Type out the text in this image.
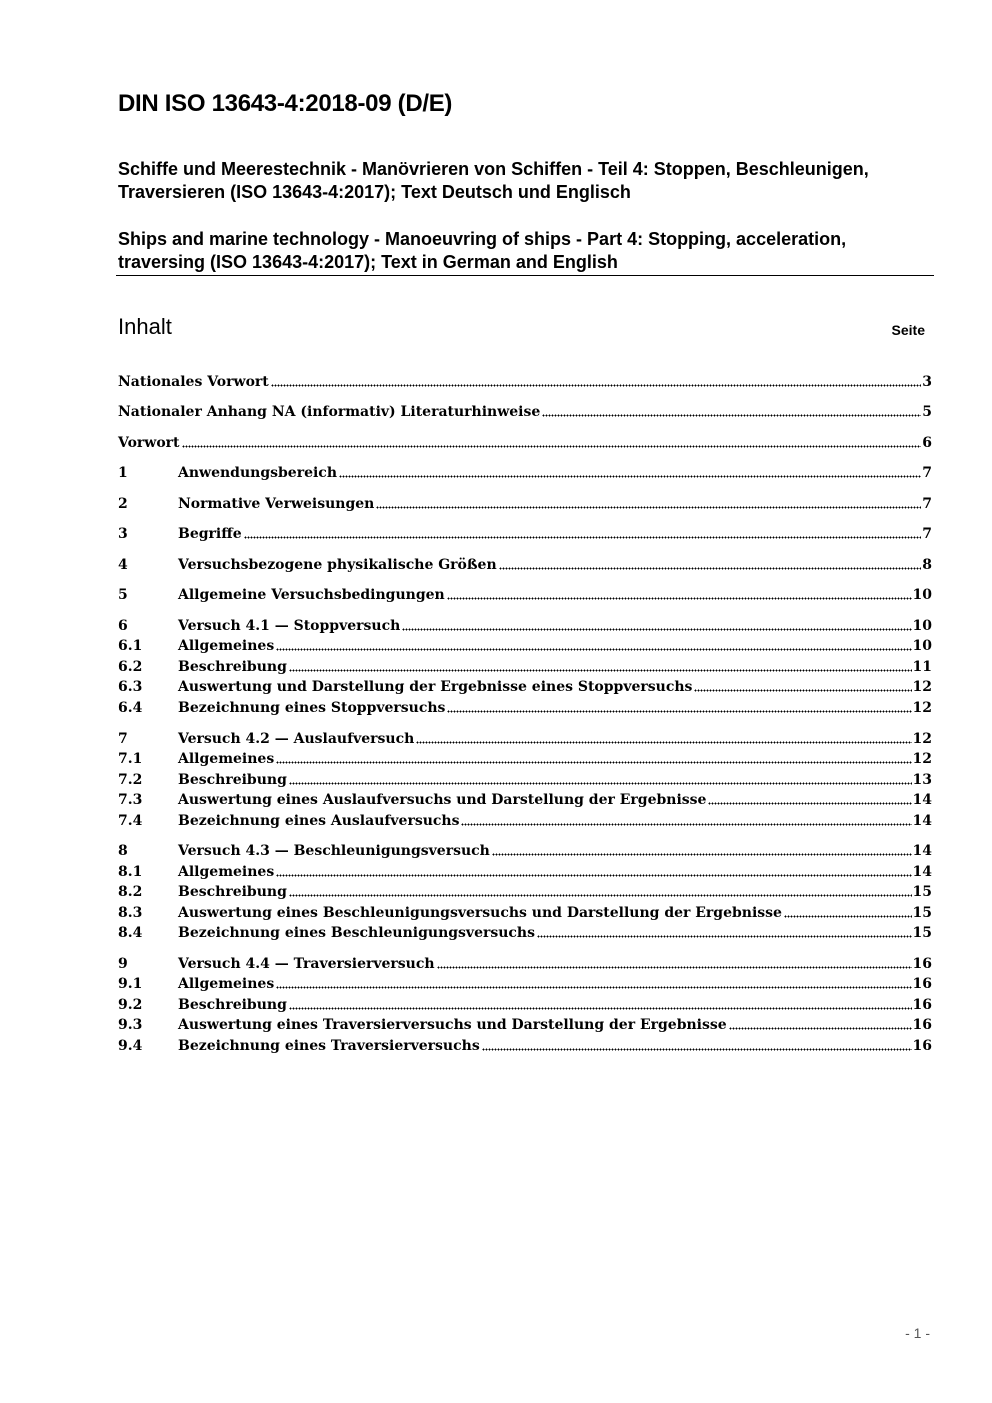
DIN ISO 13643-4:2018-09 (D/E)
Schiffe und Meerestechnik - Manövrieren von Schiffen - Teil 4: Stoppen, Beschleunigen, Traversieren (ISO 13643-4:2017); Text Deutsch und Englisch
Ships and marine technology - Manoeuvring of ships - Part 4: Stopping, acceleration, traversing (ISO 13643-4:2017); Text in German and English
Inhalt	Seite
Nationales Vorwort	3
Nationaler Anhang NA (informativ) Literaturhinweise	5
Vorwort	6
1	Anwendungsbereich	7
2	Normative Verweisungen	7
3	Begriffe	7
4	Versuchsbezogene physikalische Größen	8
5	Allgemeine Versuchsbedingungen	10
6	Versuch 4.1 — Stoppversuch	10
6.1	Allgemeines	10
6.2	Beschreibung	11
6.3	Auswertung und Darstellung der Ergebnisse eines Stoppversuchs	12
6.4	Bezeichnung eines Stoppversuchs	12
7	Versuch 4.2 — Auslaufversuch	12
7.1	Allgemeines	12
7.2	Beschreibung	13
7.3	Auswertung eines Auslaufversuchs und Darstellung der Ergebnisse	14
7.4	Bezeichnung eines Auslaufversuchs	14
8	Versuch 4.3 — Beschleunigungsversuch	14
8.1	Allgemeines	14
8.2	Beschreibung	15
8.3	Auswertung eines Beschleunigungsversuchs und Darstellung der Ergebnisse	15
8.4	Bezeichnung eines Beschleunigungsversuchs	15
9	Versuch 4.4 — Traversierversuch	16
9.1	Allgemeines	16
9.2	Beschreibung	16
9.3	Auswertung eines Traversierversuchs und Darstellung der Ergebnisse	16
9.4	Bezeichnung eines Traversierversuchs	16
- 1 -
